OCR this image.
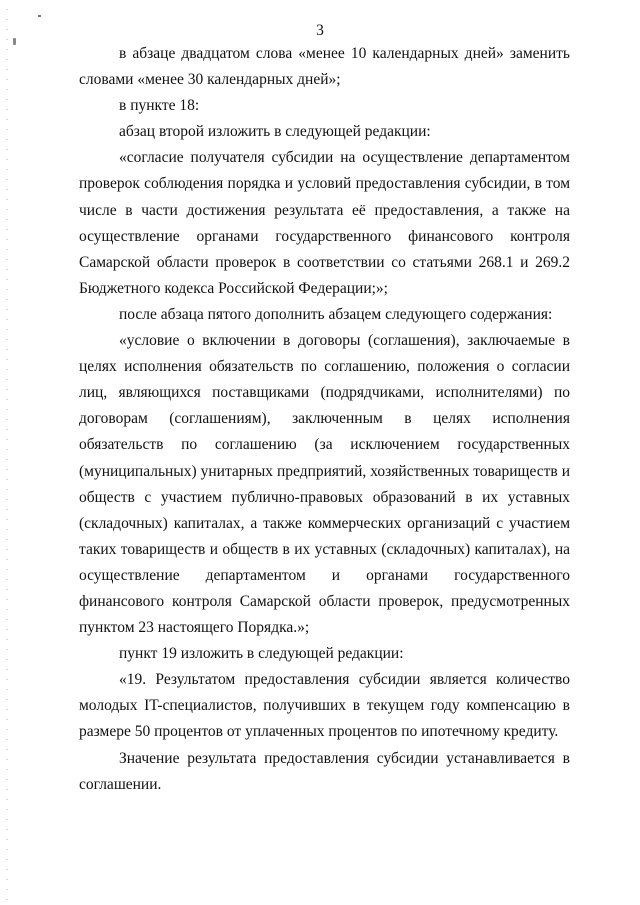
3

в абзаце двадцатом слова «менее 10 календарных дней» заменить словами «менее 30 календарных дней»;

в пункте 18:

абзац второй изложить в следующей редакции:

«согласие получателя субсидии на осуществление департаментом проверок соблюдения порядка и условий предоставления субсидии, в том числе в части достижения результата её предоставления, а также на осуществление органами государственного финансового контроля Самарской области проверок в соответствии со статьями 268.1 и 269.2 Бюджетного кодекса Российской Федерации;»;

после абзаца пятого дополнить абзацем следующего содержания:

«условие о включении в договоры (соглашения), заключаемые в целях исполнения обязательств по соглашению, положения о согласии лиц, являющихся поставщиками (подрядчиками, исполнителями) по договорам (соглашениям), заключенным в целях исполнения обязательств по соглашению (за исключением государственных (муниципальных) унитарных предприятий, хозяйственных товариществ и обществ с участием публично-правовых образований в их уставных (складочных) капиталах, а также коммерческих организаций с участием таких товариществ и обществ в их уставных (складочных) капиталах), на осуществление департаментом и органами государственного финансового контроля Самарской области проверок, предусмотренных пунктом 23 настоящего Порядка.»;

пункт 19 изложить в следующей редакции:

«19. Результатом предоставления субсидии является количество молодых IT-специалистов, получивших в текущем году компенсацию в размере 50 процентов от уплаченных процентов по ипотечному кредиту.

Значение результата предоставления субсидии устанавливается в соглашении.
